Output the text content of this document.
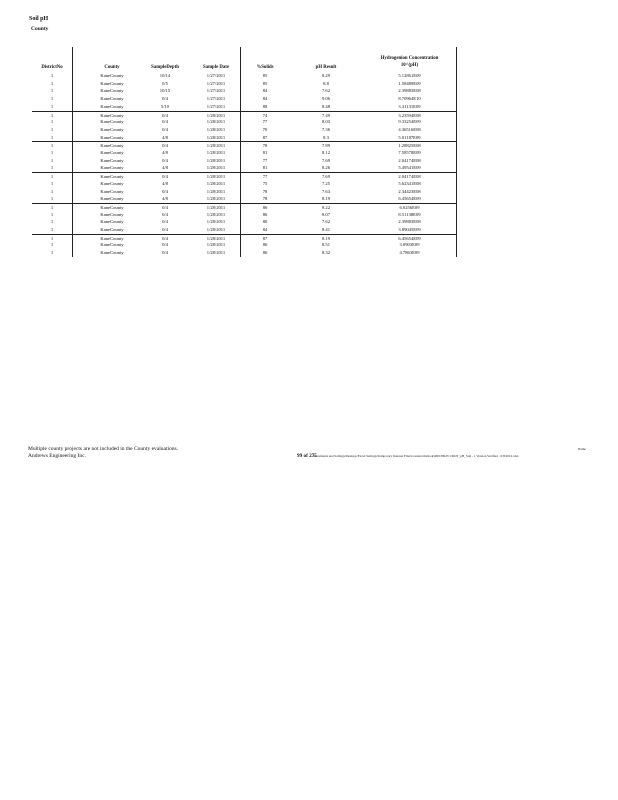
Soil pH
County
DistrictNo	County	SampleDepth	Sample Date	%Solids	pH Result
Hydrogenion Concentration
10^(pH)
1	KaneCounty	10/14	1/27/2011	85	8.29	5.12861E09
1	KaneCounty	0/5	1/27/2011	85	8.8	1.58489E09
1	KaneCounty	10/15	1/27/2011	84	7.62	2.39883E08
1	KaneCounty	0/4	1/27/2011	84	9.06	8.70964E10
1	KaneCounty	5/10	1/27/2011	88	8.48	3.31131E09
1	KaneCounty	0/4	1/28/2011	74	7.49	3.23594E08
1	KaneCounty	0/4	1/28/2011	77	8.03	9.33254E09
1	KaneCounty	0/4	1/28/2011	70	7.36	4.36516E08
1	KaneCounty	4/8	1/28/2011	87	8.3	5.01187E09
1	KaneCounty	0/4	1/28/2011	78	7.89	1.28825E08
1	KaneCounty	4/8	1/28/2011	81	8.12	7.58578E09
1	KaneCounty	0/4	1/28/2011	77	7.69	2.04174E08
1	KaneCounty	4/8	1/28/2011	81	8.26	5.49541E09
1	KaneCounty	0/4	1/28/2011	77	7.69	2.04174E08
1	KaneCounty	4/8	1/28/2011	75	7.25	5.62341E08
1	KaneCounty	0/4	1/28/2011	78	7.63	2.34423E08
1	KaneCounty	4/8	1/28/2011	78	8.19	6.45654E09
1	KaneCounty	0/4	1/28/2011	86	8.22	6.0256E09
1	KaneCounty	0/4	1/28/2011	86	8.07	8.51138E09
1	KaneCounty	0/4	1/28/2011	80	7.62	2.39883E08
1	KaneCounty	0/4	1/28/2011	84	8.41	3.89045E09
1	KaneCounty	0/4	1/28/2011	87	8.19	6.45654E09
1	KaneCounty	0/4	1/28/2011	86	8.51	3.0903E09
1	KaneCounty	0/4	1/28/2011	86	8.32	4.7863E09
Multiple county projects are not included in the County evaluations.
Andrews Engineering Inc.	99 of 275
Documents and Settings\Desktop\Excel Settings\Temporary Internet Files\Content.Outlook\M0C8D4V1\DOT_pH_Soil - 1 Version Verified - 6/8/2012.xlsx
Name
